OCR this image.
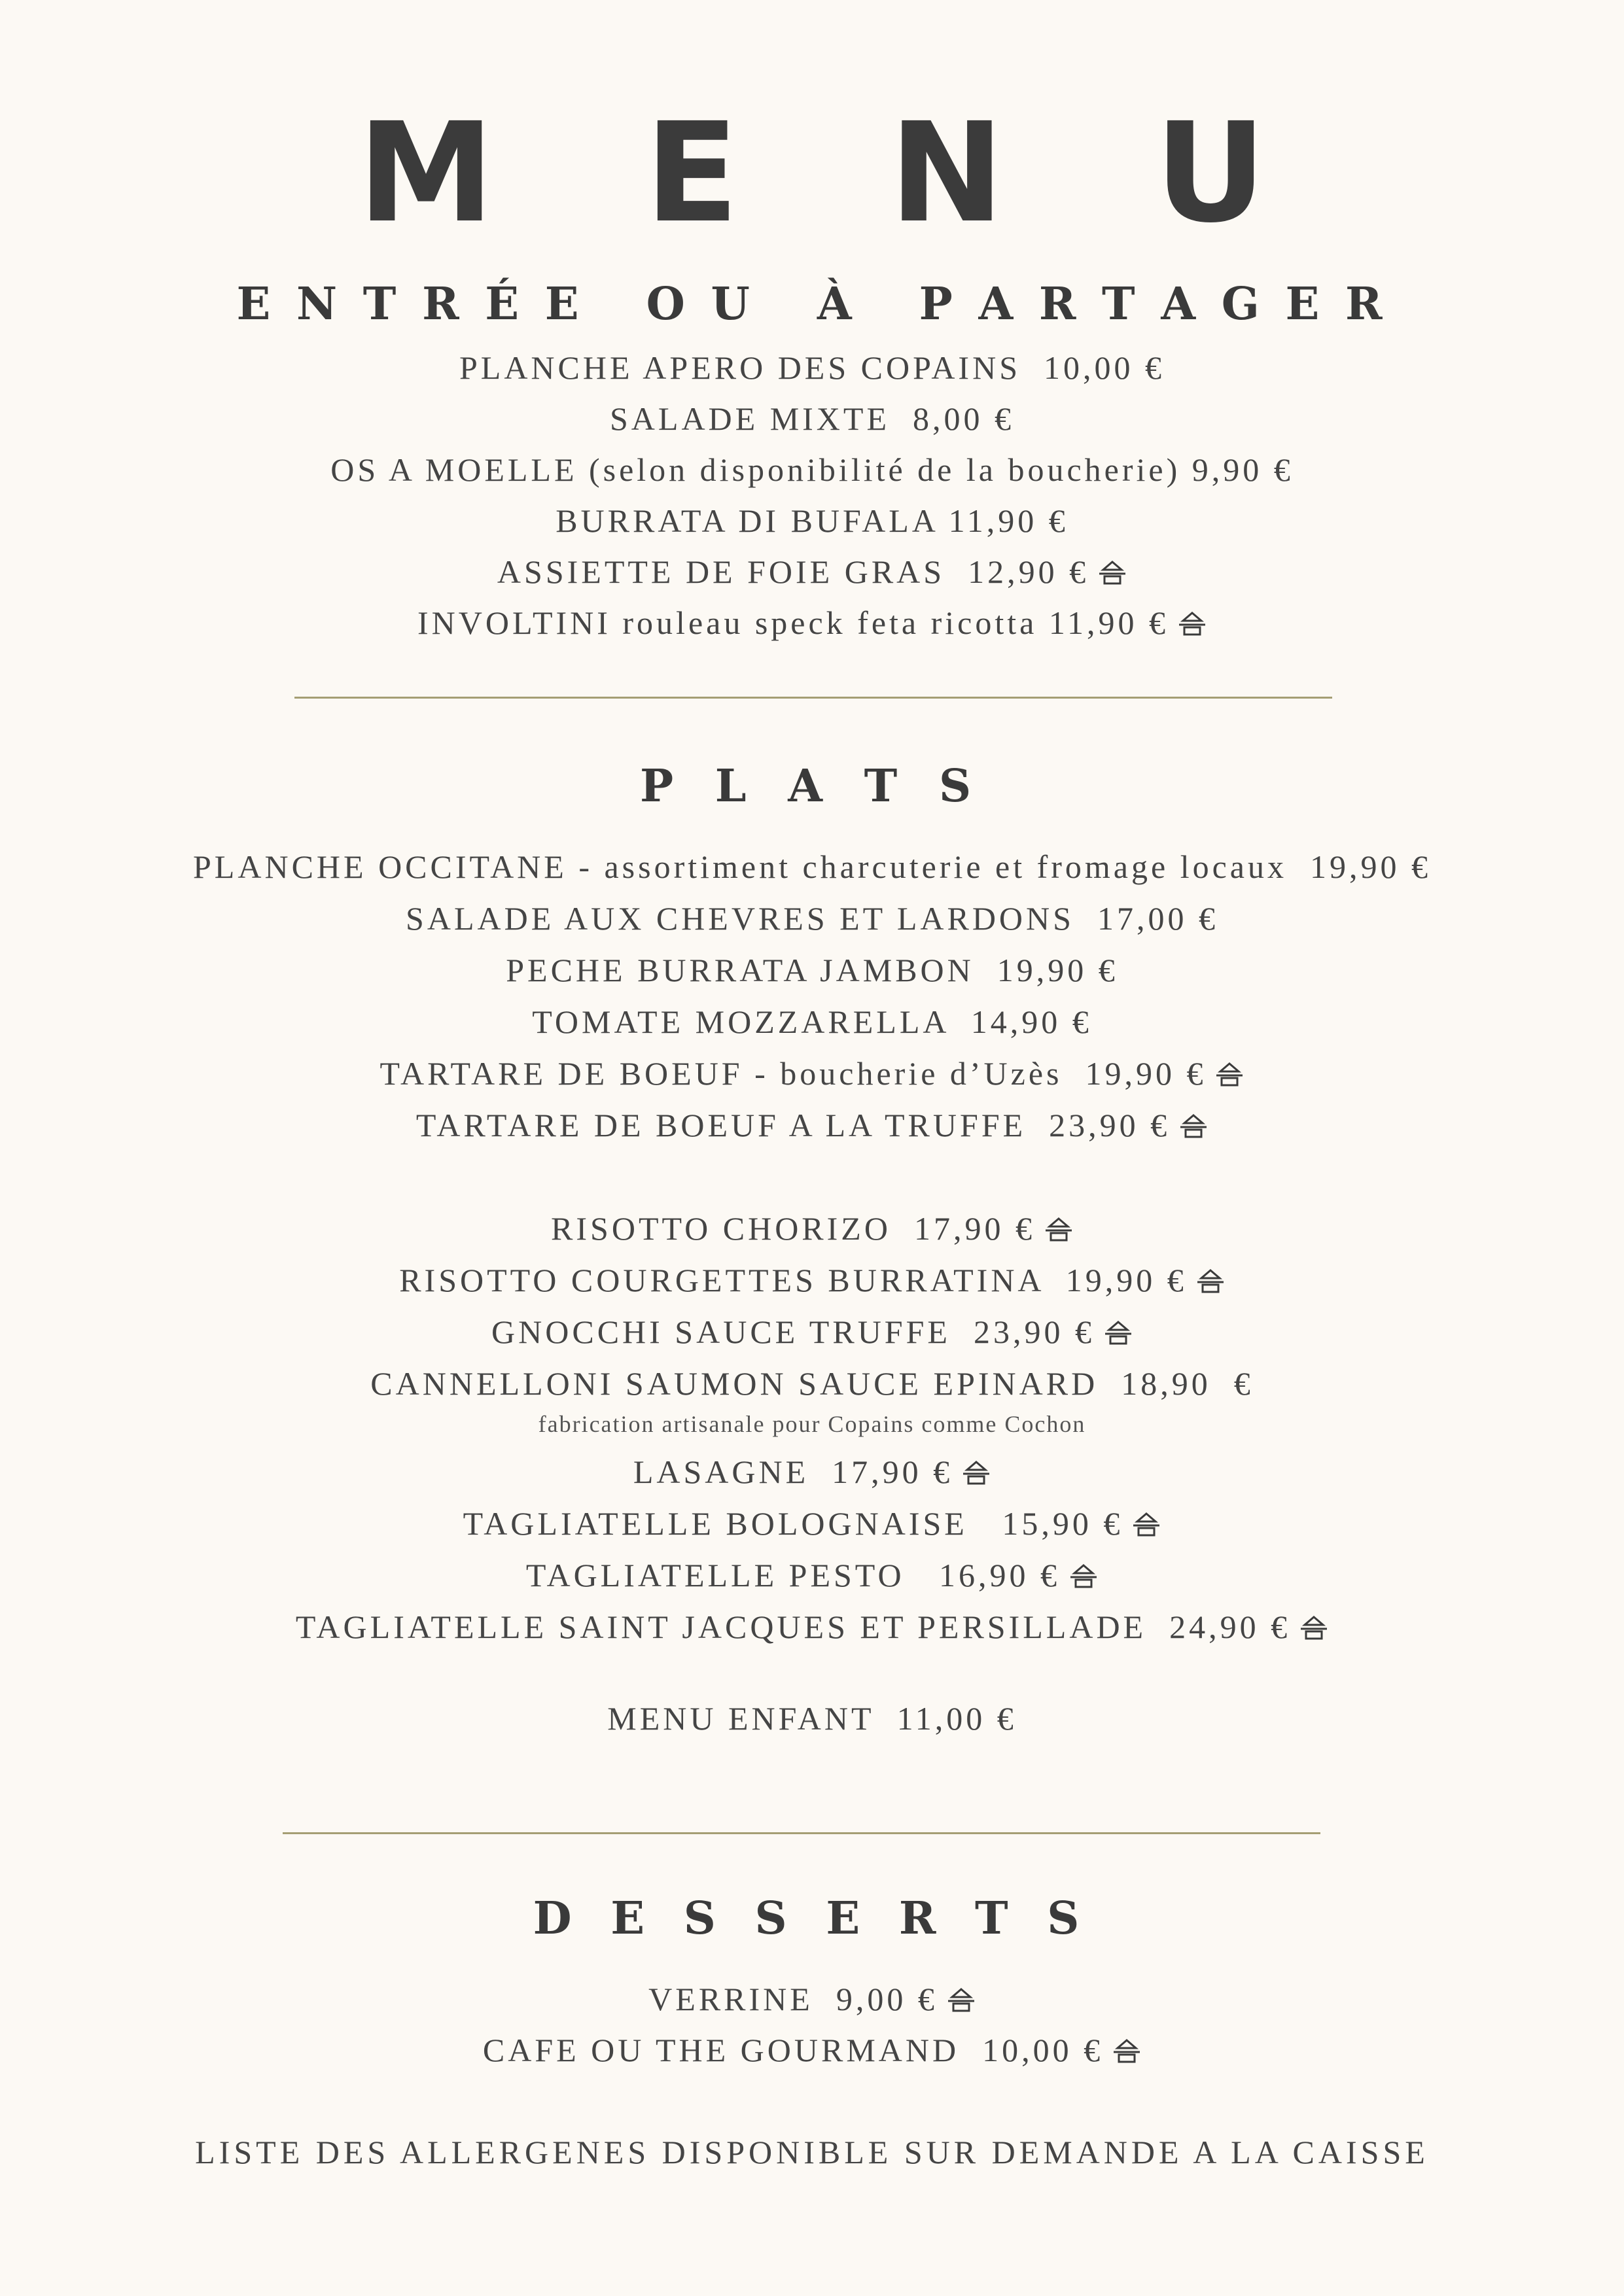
M E N U
E N T R É E   O U   À   P A R T A G E R
PLANCHE APERO DES COPAINS  10,00 €
SALADE MIXTE  8,00 €
OS A MOELLE (selon disponibilité de la boucherie) 9,90 €
BURRATA DI BUFALA 11,90 €
ASSIETTE DE FOIE GRAS  12,90 €
INVOLTINI rouleau speck feta ricotta 11,90 €
P L A T S
PLANCHE OCCITANE - assortiment charcuterie et fromage locaux  19,90 €
SALADE AUX CHEVRES ET LARDONS  17,00 €
PECHE BURRATA JAMBON  19,90 €
TOMATE MOZZARELLA  14,90 €
TARTARE DE BOEUF - boucherie d’Uzès  19,90 €
TARTARE DE BOEUF A LA TRUFFE  23,90 €
RISOTTO CHORIZO  17,90 €
RISOTTO COURGETTES BURRATINA  19,90 €
GNOCCHI SAUCE TRUFFE  23,90 €
CANNELLONI SAUMON SAUCE EPINARD  18,90  €
fabrication artisanale pour Copains comme Cochon
LASAGNE  17,90 €
TAGLIATELLE BOLOGNAISE   15,90 €
TAGLIATELLE PESTO   16,90 €
TAGLIATELLE SAINT JACQUES ET PERSILLADE  24,90 €
MENU ENFANT  11,00 €
D E S S E R T S
VERRINE  9,00 €
CAFE OU THE GOURMAND  10,00 €
LISTE DES ALLERGENES DISPONIBLE SUR DEMANDE A LA CAISSE
